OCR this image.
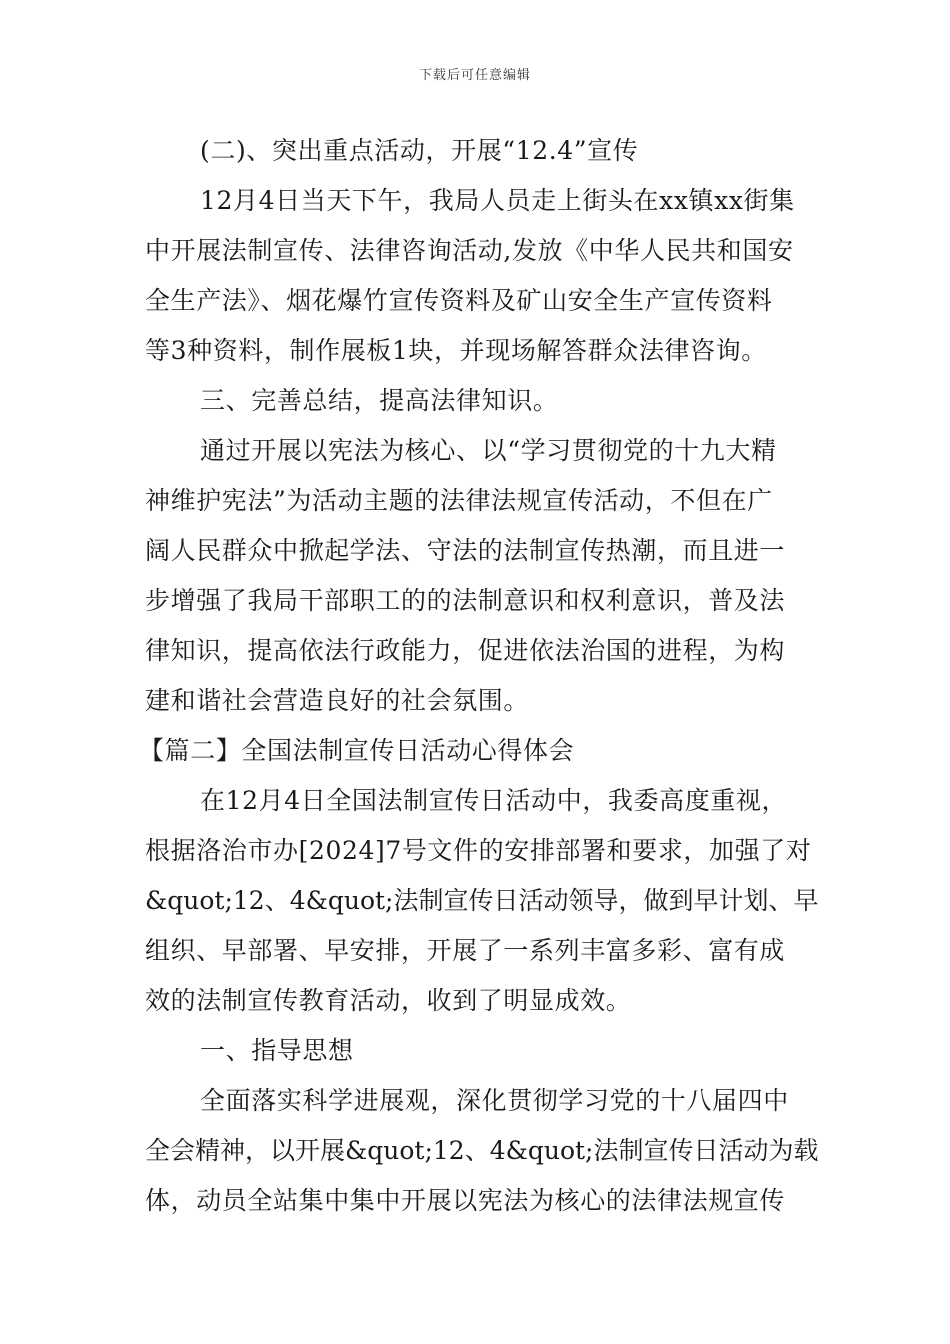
下载后可任意编辑
(二)、突出重点活动，开展“12.4”宣传
12月4日当天下午，我局人员走上街头在xx镇xx街集
中开展法制宣传、法律咨询活动,发放《中华人民共和国安
全生产法》、烟花爆竹宣传资料及矿山安全生产宣传资料
等3种资料，制作展板1块，并现场解答群众法律咨询。
三、完善总结，提高法律知识。
通过开展以宪法为核心、以“学习贯彻党的十九大精
神维护宪法”为活动主题的法律法规宣传活动，不但在广
阔人民群众中掀起学法、守法的法制宣传热潮，而且进一
步增强了我局干部职工的的法制意识和权利意识，普及法
律知识，提高依法行政能力，促进依法治国的进程，为构
建和谐社会营造良好的社会氛围。
【篇二】全国法制宣传日活动心得体会
在12月4日全国法制宣传日活动中，我委高度重视，
根据洛治市办[2024]7号文件的安排部署和要求，加强了对
&quot;12、4&quot;法制宣传日活动领导，做到早计划、早
组织、早部署、早安排，开展了一系列丰富多彩、富有成
效的法制宣传教育活动，收到了明显成效。
一、指导思想
全面落实科学进展观，深化贯彻学习党的十八届四中
全会精神，以开展&quot;12、4&quot;法制宣传日活动为载
体，动员全站集中集中开展以宪法为核心的法律法规宣传
